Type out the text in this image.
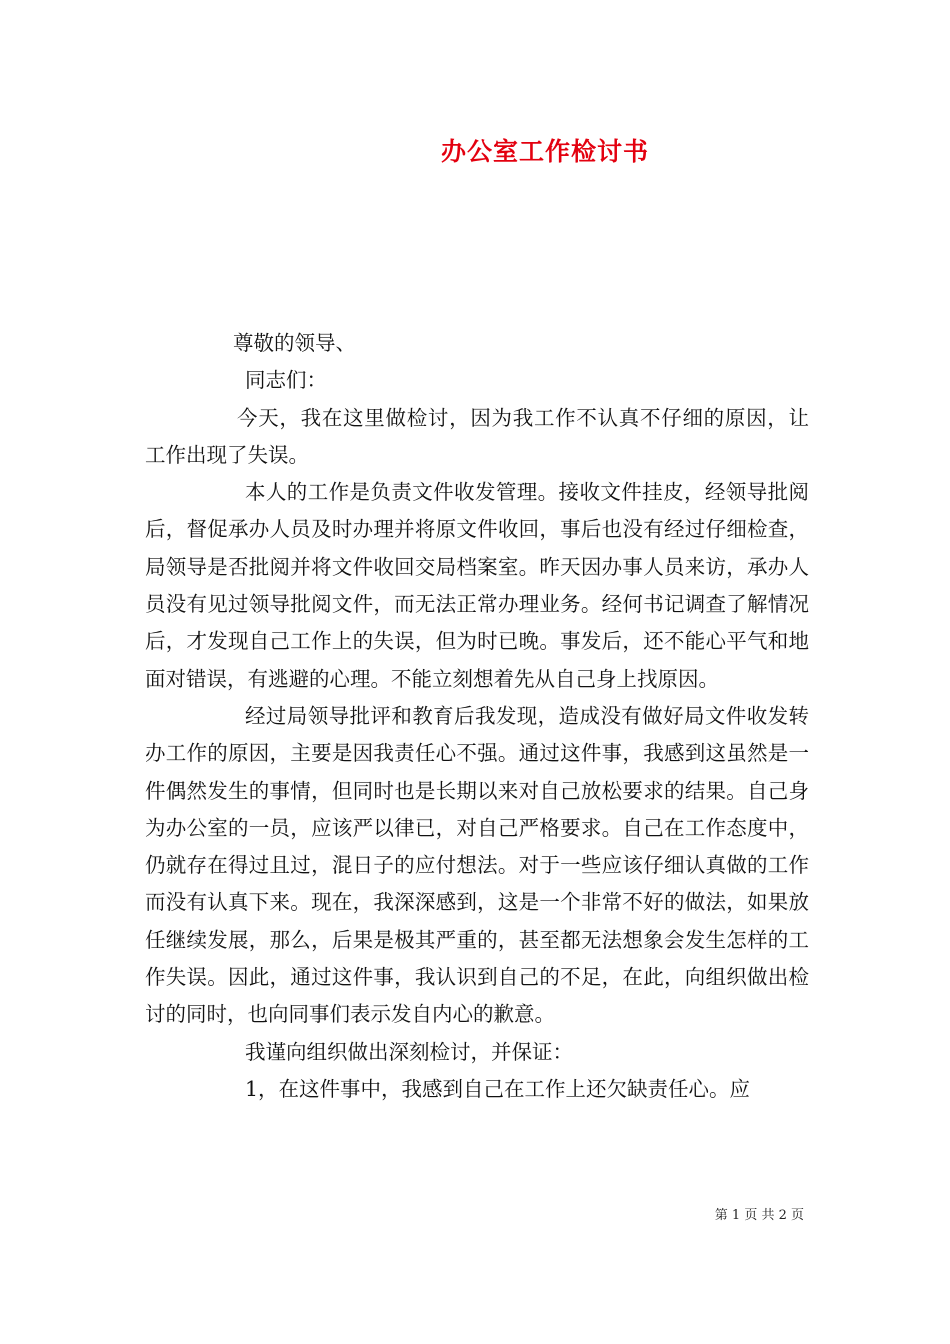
办公室工作检讨书

尊敬的领导、

同志们：

今天，我在这里做检讨，因为我工作不认真不仔细的原因，让工作出现了失误。

本人的工作是负责文件收发管理。接收文件挂皮，经领导批阅后，督促承办人员及时办理并将原文件收回，事后也没有经过仔细检查，局领导是否批阅并将文件收回交局档案室。昨天因办事人员来访，承办人员没有见过领导批阅文件，而无法正常办理业务。经何书记调查了解情况后，才发现自己工作上的失误，但为时已晚。事发后，还不能心平气和地面对错误，有逃避的心理。不能立刻想着先从自己身上找原因。

经过局领导批评和教育后我发现，造成没有做好局文件收发转办工作的原因，主要是因我责任心不强。通过这件事，我感到这虽然是一件偶然发生的事情，但同时也是长期以来对自己放松要求的结果。自己身为办公室的一员，应该严以律已，对自己严格要求。自己在工作态度中，仍就存在得过且过，混日子的应付想法。对于一些应该仔细认真做的工作而没有认真下来。现在，我深深感到，这是一个非常不好的做法，如果放任继续发展，那么，后果是极其严重的，甚至都无法想象会发生怎样的工作失误。因此，通过这件事，我认识到自己的不足，在此，向组织做出检讨的同时，也向同事们表示发自内心的歉意。

我谨向组织做出深刻检讨，并保证：

1，在这件事中，我感到自己在工作上还欠缺责任心。应

第 1 页 共 2 页
